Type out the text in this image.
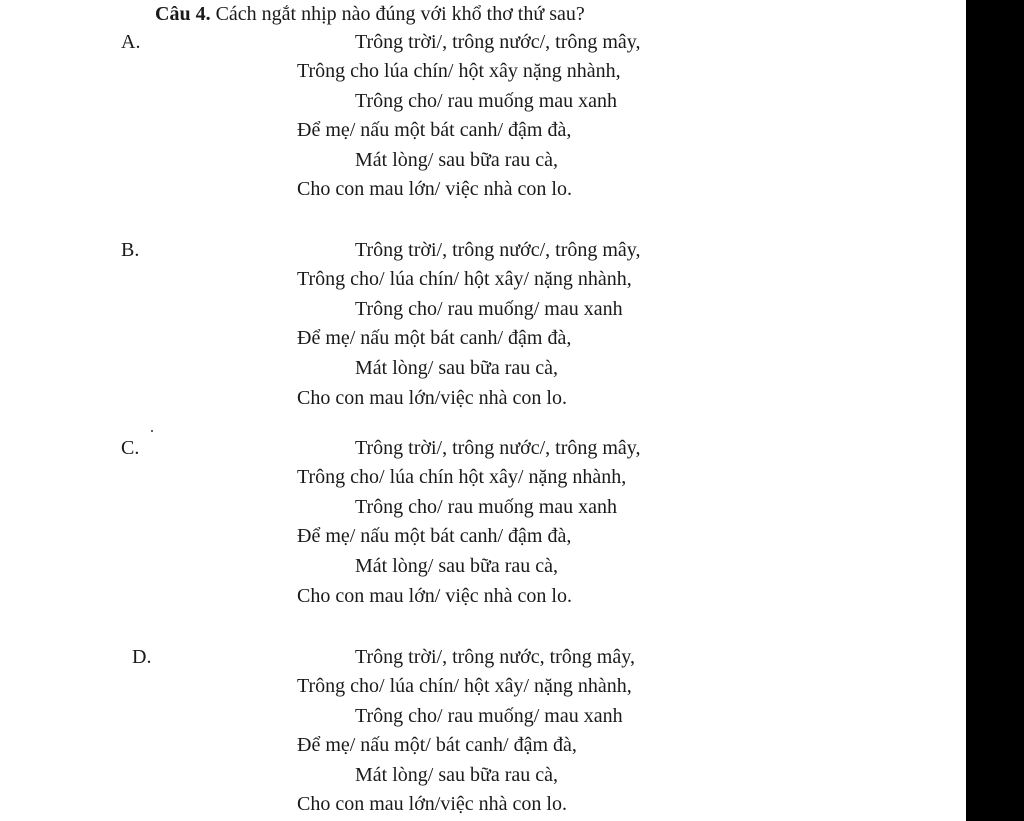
Câu 4. Cách ngắt nhịp nào đúng với khổ thơ thứ sau?
A.	Trông trời/, trông nước/, trông mây,
Trông cho lúa chín/ hột xây nặng nhành,
Trông cho/ rau muống mau xanh
Để mẹ/ nấu một bát canh/ đậm đà,
Mát lòng/ sau bữa rau cà,
Cho con mau lớn/ việc nhà con lo.
B.	Trông trời/, trông nước/, trông mây,
Trông cho/ lúa chín/ hột xây/ nặng nhành,
Trông cho/ rau muống/ mau xanh
Để mẹ/ nấu một bát canh/ đậm đà,
Mát lòng/ sau bữa rau cà,
Cho con mau lớn/việc nhà con lo.
C.	Trông trời/, trông nước/, trông mây,
Trông cho/ lúa chín hột xây/ nặng nhành,
Trông cho/ rau muống mau xanh
Để mẹ/ nấu một bát canh/ đậm đà,
Mát lòng/ sau bữa rau cà,
Cho con mau lớn/ việc nhà con lo.
D.	Trông trời/, trông nước, trông mây,
Trông cho/ lúa chín/ hột xây/ nặng nhành,
Trông cho/ rau muống/ mau xanh
Để mẹ/ nấu một/ bát canh/ đậm đà,
Mát lòng/ sau bữa rau cà,
Cho con mau lớn/việc nhà con lo.
